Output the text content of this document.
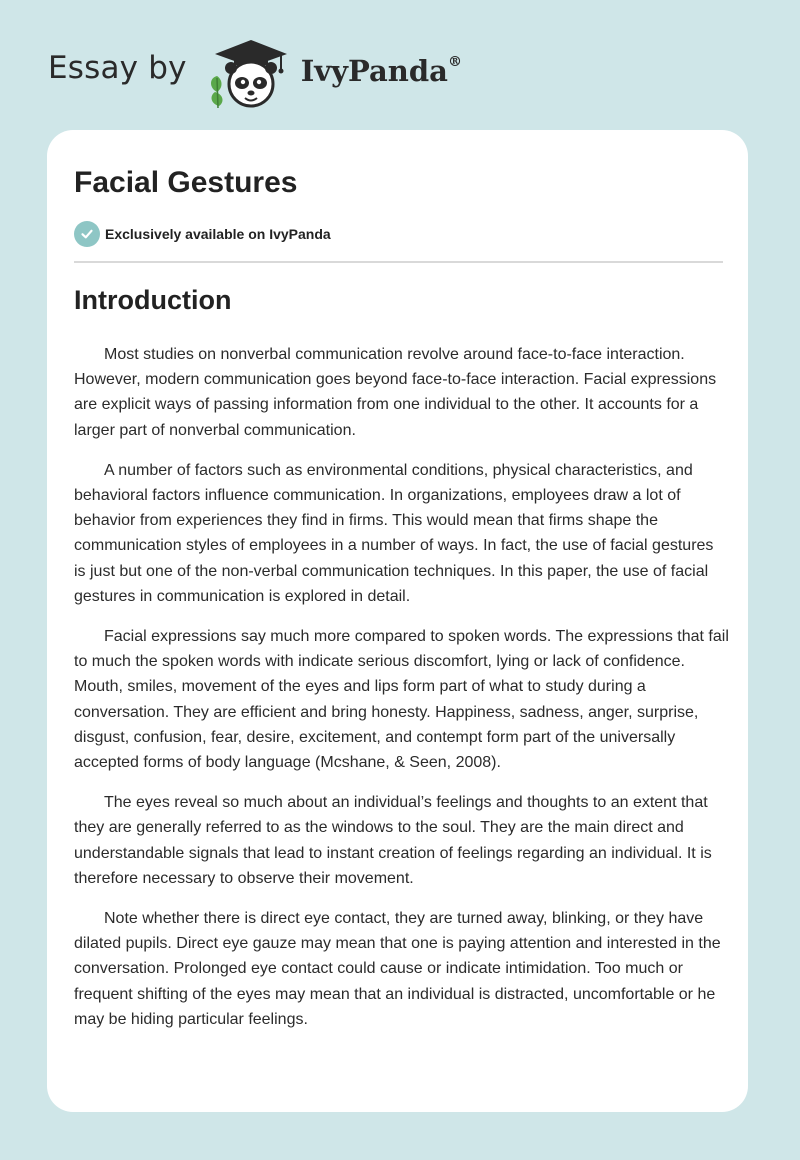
Essay by	IvyPanda®
Facial Gestures
Exclusively available on IvyPanda
Introduction

Most studies on nonverbal communication revolve around face-to-face interaction. However, modern communication goes beyond face-to-face interaction. Facial expressions are explicit ways of passing information from one individual to the other. It accounts for a larger part of nonverbal communication.

A number of factors such as environmental conditions, physical characteristics, and behavioral factors influence communication. In organizations, employees draw a lot of behavior from experiences they find in firms. This would mean that firms shape the communication styles of employees in a number of ways. In fact, the use of facial gestures is just but one of the non-verbal communication techniques. In this paper, the use of facial gestures in communication is explored in detail.

Facial expressions say much more compared to spoken words. The expressions that fail to much the spoken words with indicate serious discomfort, lying or lack of confidence. Mouth, smiles, movement of the eyes and lips form part of what to study during a conversation. They are efficient and bring honesty. Happiness, sadness, anger, surprise, disgust, confusion, fear, desire, excitement, and contempt form part of the universally accepted forms of body language (Mcshane, & Seen, 2008).

The eyes reveal so much about an individual’s feelings and thoughts to an extent that they are generally referred to as the windows to the soul. They are the main direct and understandable signals that lead to instant creation of feelings regarding an individual. It is therefore necessary to observe their movement.

Note whether there is direct eye contact, they are turned away, blinking, or they have dilated pupils. Direct eye gauze may mean that one is paying attention and interested in the conversation. Prolonged eye contact could cause or indicate intimidation. Too much or frequent shifting of the eyes may mean that an individual is distracted, uncomfortable or he may be hiding particular feelings.
